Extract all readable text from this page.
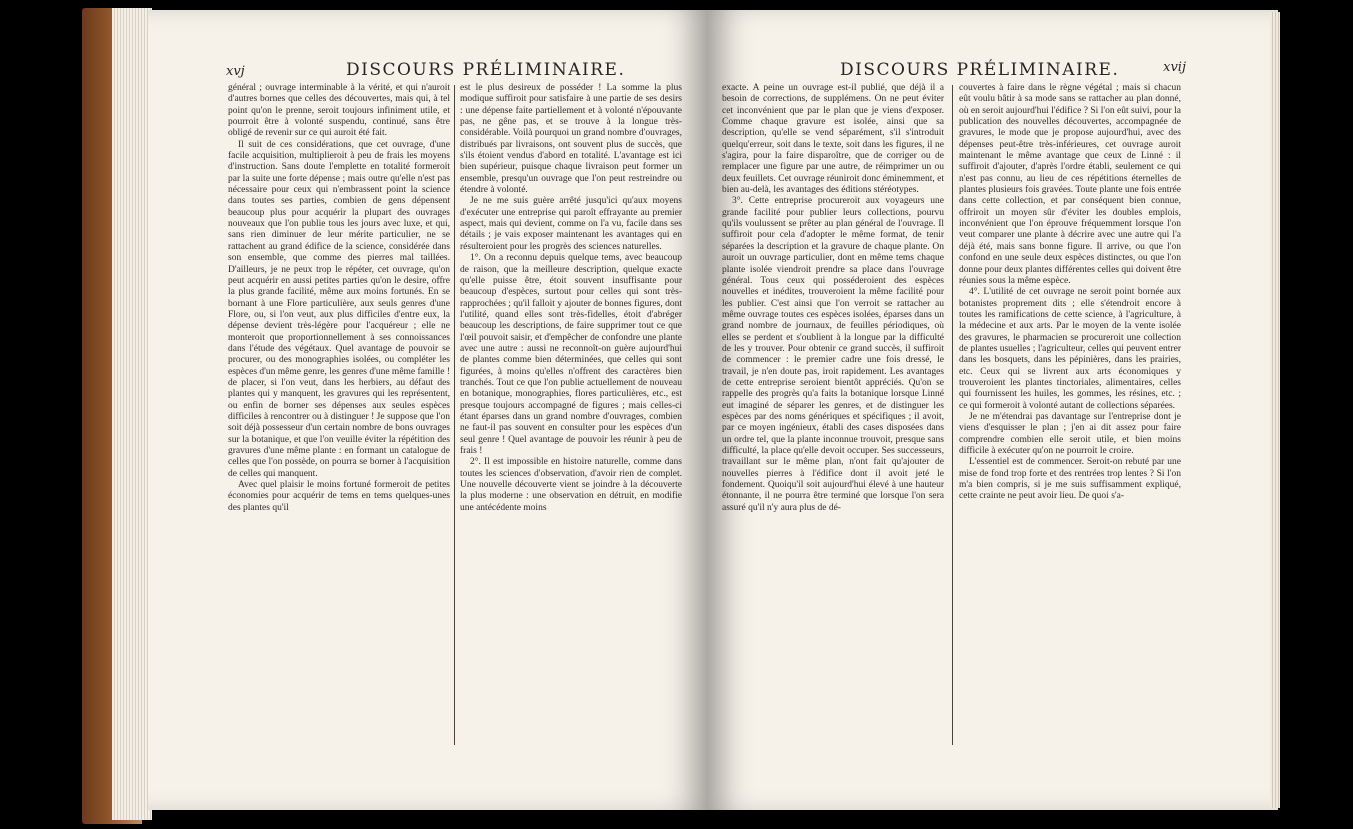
xvj	DISCOURS PRÉLIMINAIRE.

général ; ouvrage interminable à la vérité, et qui n'auroit d'autres bornes que celles des découvertes, mais qui, à tel point qu'on le prenne, seroit toujours infiniment utile, et pourroit être à volonté suspendu, continué, sans être obligé de revenir sur ce qui auroit été fait.

Il suit de ces considérations, que cet ouvrage, d'une facile acquisition, multiplieroit à peu de frais les moyens d'instruction. Sans doute l'emplette en totalité formeroit par la suite une forte dépense ; mais outre qu'elle n'est pas nécessaire pour ceux qui n'embrassent point la science dans toutes ses parties, combien de gens dépensent beaucoup plus pour acquérir la plupart des ouvrages nouveaux que l'on publie tous les jours avec luxe, et qui, sans rien diminuer de leur mérite particulier, ne se rattachent au grand édifice de la science, considérée dans son ensemble, que comme des pierres mal taillées. D'ailleurs, je ne peux trop le répéter, cet ouvrage, qu'on peut acquérir en aussi petites parties qu'on le desire, offre la plus grande facilité, même aux moins fortunés. En se bornant à une Flore particulière, aux seuls genres d'une Flore, ou, si l'on veut, aux plus difficiles d'entre eux, la dépense devient très-légère pour l'acquéreur ; elle ne monteroit que proportionnellement à ses connoissances dans l'étude des végétaux. Quel avantage de pouvoir se procurer, ou des monographies isolées, ou compléter les espèces d'un même genre, les genres d'une même famille ! de placer, si l'on veut, dans les herbiers, au défaut des plantes qui y manquent, les gravures qui les représentent, ou enfin de borner ses dépenses aux seules espèces difficiles à rencontrer ou à distinguer ! Je suppose que l'on soit déjà possesseur d'un certain nombre de bons ouvrages sur la botanique, et que l'on veuille éviter la répétition des gravures d'une même plante : en formant un catalogue de celles que l'on possède, on pourra se borner à l'acquisition de celles qui manquent.

Avec quel plaisir le moins fortuné formeroit de petites économies pour acquérir de tems en tems quelques-unes des plantes qu'il

est le plus desireux de posséder ! La somme la plus modique suffiroit pour satisfaire à une partie de ses desirs : une dépense faite partiellement et à volonté n'épouvante pas, ne gêne pas, et se trouve à la longue très-considérable. Voilà pourquoi un grand nombre d'ouvrages, distribués par livraisons, ont souvent plus de succès, que s'ils étoient vendus d'abord en totalité. L'avantage est ici bien supérieur, puisque chaque livraison peut former un ensemble, presqu'un ouvrage que l'on peut restreindre ou étendre à volonté.

Je ne me suis guère arrêté jusqu'ici qu'aux moyens d'exécuter une entreprise qui paroît effrayante au premier aspect, mais qui devient, comme on l'a vu, facile dans ses détails ; je vais exposer maintenant les avantages qui en résulteroient pour les progrès des sciences naturelles.

1°. On a reconnu depuis quelque tems, avec beaucoup de raison, que la meilleure description, quelque exacte qu'elle puisse être, étoit souvent insuffisante pour beaucoup d'espèces, surtout pour celles qui sont très-rapprochées ; qu'il falloit y ajouter de bonnes figures, dont l'utilité, quand elles sont très-fidelles, étoit d'abréger beaucoup les descriptions, de faire supprimer tout ce que l'œil pouvoit saisir, et d'empêcher de confondre une plante avec une autre : aussi ne reconnoît-on guère aujourd'hui de plantes comme bien déterminées, que celles qui sont figurées, à moins qu'elles n'offrent des caractères bien tranchés. Tout ce que l'on publie actuellement de nouveau en botanique, monographies, flores particulières, etc., est presque toujours accompagné de figures ; mais celles-ci étant éparses dans un grand nombre d'ouvrages, combien ne faut-il pas souvent en consulter pour les espèces d'un seul genre ! Quel avantage de pouvoir les réunir à peu de frais !

2°. Il est impossible en histoire naturelle, comme dans toutes les sciences d'observation, d'avoir rien de complet. Une nouvelle découverte vient se joindre à la découverte la plus moderne : une observation en détruit, en modifie une antécédente moins

DISCOURS PRÉLIMINAIRE.	xvij

exacte. A peine un ouvrage est-il publié, que déjà il a besoin de corrections, de supplémens. On ne peut éviter cet inconvénient que par le plan que je viens d'exposer. Comme chaque gravure est isolée, ainsi que sa description, qu'elle se vend séparément, s'il s'introduit quelqu'erreur, soit dans le texte, soit dans les figures, il ne s'agira, pour la faire disparoître, que de corriger ou de remplacer une figure par une autre, de réimprimer un ou deux feuillets. Cet ouvrage réuniroit donc éminemment, et bien au-delà, les avantages des éditions stéréotypes.

3°. Cette entreprise procureroit aux voyageurs une grande facilité pour publier leurs collections, pourvu qu'ils voulussent se prêter au plan général de l'ouvrage. Il suffiroit pour cela d'adopter le même format, de tenir séparées la description et la gravure de chaque plante. On auroit un ouvrage particulier, dont en même tems chaque plante isolée viendroit prendre sa place dans l'ouvrage général. Tous ceux qui posséderoient des espèces nouvelles et inédites, trouveroient la même facilité pour les publier. C'est ainsi que l'on verroit se rattacher au même ouvrage toutes ces espèces isolées, éparses dans un grand nombre de journaux, de feuilles périodiques, où elles se perdent et s'oublient à la longue par la difficulté de les y trouver. Pour obtenir ce grand succès, il suffiroit de commencer : le premier cadre une fois dressé, le travail, je n'en doute pas, iroit rapidement. Les avantages de cette entreprise seroient bientôt appréciés. Qu'on se rappelle des progrès qu'a faits la botanique lorsque Linné eut imaginé de séparer les genres, et de distinguer les espèces par des noms génériques et spécifiques ; il avoit, par ce moyen ingénieux, établi des cases disposées dans un ordre tel, que la plante inconnue trouvoit, presque sans difficulté, la place qu'elle devoit occuper. Ses successeurs, travaillant sur le même plan, n'ont fait qu'ajouter de nouvelles pierres à l'édifice dont il avoit jeté le fondement. Quoiqu'il soit aujourd'hui élevé à une hauteur étonnante, il ne pourra être terminé que lorsque l'on sera assuré qu'il n'y aura plus de dé-

couvertes à faire dans le règne végétal ; mais si chacun eût voulu bâtir à sa mode sans se rattacher au plan donné, où en seroit aujourd'hui l'édifice ? Si l'on eût suivi, pour la publication des nouvelles découvertes, accompagnée de gravures, le mode que je propose aujourd'hui, avec des dépenses peut-être très-inférieures, cet ouvrage auroit maintenant le même avantage que ceux de Linné : il suffiroit d'ajouter, d'après l'ordre établi, seulement ce qui n'est pas connu, au lieu de ces répétitions éternelles de plantes plusieurs fois gravées. Toute plante une fois entrée dans cette collection, et par conséquent bien connue, offriroit un moyen sûr d'éviter les doubles emplois, inconvénient que l'on éprouve fréquemment lorsque l'on veut comparer une plante à décrire avec une autre qui l'a déjà été, mais sans bonne figure. Il arrive, ou que l'on confond en une seule deux espèces distinctes, ou que l'on donne pour deux plantes différentes celles qui doivent être réunies sous la même espèce.

4°. L'utilité de cet ouvrage ne seroit point bornée aux botanistes proprement dits ; elle s'étendroit encore à toutes les ramifications de cette science, à l'agriculture, à la médecine et aux arts. Par le moyen de la vente isolée des gravures, le pharmacien se procureroit une collection de plantes usuelles ; l'agriculteur, celles qui peuvent entrer dans les bosquets, dans les pépinières, dans les prairies, etc. Ceux qui se livrent aux arts économiques y trouveroient les plantes tinctoriales, alimentaires, celles qui fournissent les huiles, les gommes, les résines, etc. ; ce qui formeroit à volonté autant de collections séparées.

Je ne m'étendrai pas davantage sur l'entreprise dont je viens d'esquisser le plan ; j'en ai dit assez pour faire comprendre combien elle seroit utile, et bien moins difficile à exécuter qu'on ne pourroit le croire.

L'essentiel est de commencer. Seroit-on rebuté par une mise de fond trop forte et des rentrées trop lentes ? Si l'on m'a bien compris, si je me suis suffisamment expliqué, cette crainte ne peut avoir lieu. De quoi s'a-
